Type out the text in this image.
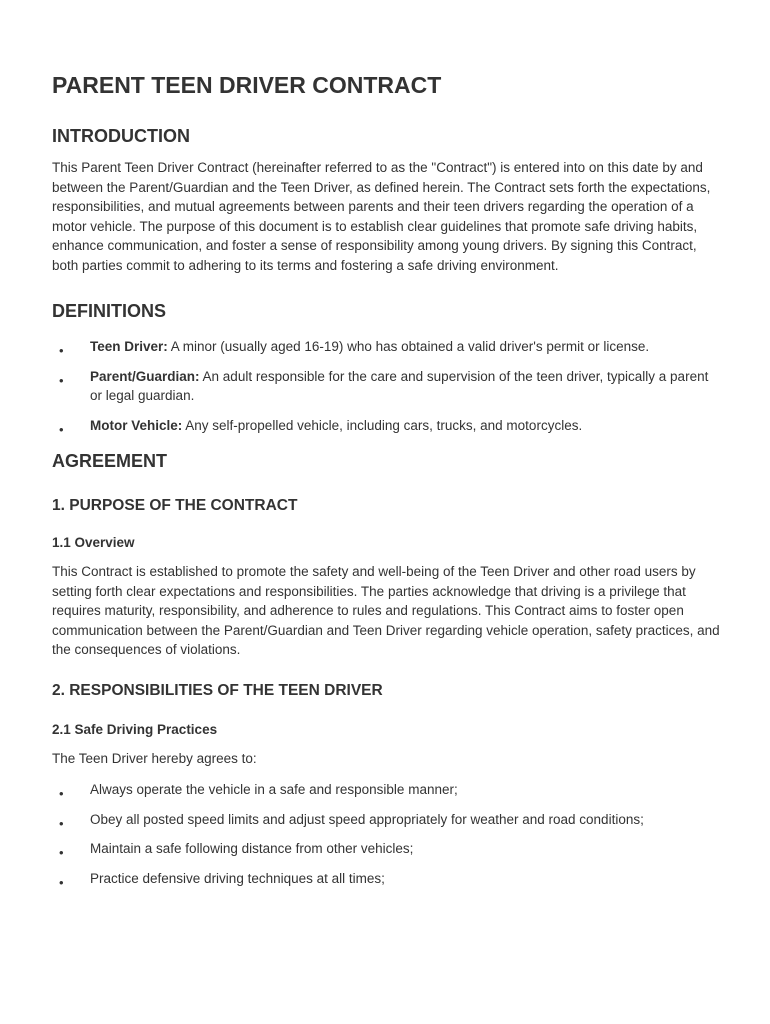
PARENT TEEN DRIVER CONTRACT
INTRODUCTION

This Parent Teen Driver Contract (hereinafter referred to as the "Contract") is entered into on this date by and between the Parent/Guardian and the Teen Driver, as defined herein. The Contract sets forth the expectations, responsibilities, and mutual agreements between parents and their teen drivers regarding the operation of a motor vehicle. The purpose of this document is to establish clear guidelines that promote safe driving habits, enhance communication, and foster a sense of responsibility among young drivers. By signing this Contract, both parties commit to adhering to its terms and fostering a safe driving environment.

DEFINITIONS
• Teen Driver: A minor (usually aged 16-19) who has obtained a valid driver's permit or license.
• Parent/Guardian: An adult responsible for the care and supervision of the teen driver, typically a parent or legal guardian.
• Motor Vehicle: Any self-propelled vehicle, including cars, trucks, and motorcycles.
AGREEMENT
1. PURPOSE OF THE CONTRACT
1.1 Overview

This Contract is established to promote the safety and well-being of the Teen Driver and other road users by setting forth clear expectations and responsibilities. The parties acknowledge that driving is a privilege that requires maturity, responsibility, and adherence to rules and regulations. This Contract aims to foster open communication between the Parent/Guardian and Teen Driver regarding vehicle operation, safety practices, and the consequences of violations.

2. RESPONSIBILITIES OF THE TEEN DRIVER
2.1 Safe Driving Practices

The Teen Driver hereby agrees to:

• Always operate the vehicle in a safe and responsible manner;
• Obey all posted speed limits and adjust speed appropriately for weather and road conditions;
• Maintain a safe following distance from other vehicles;
• Practice defensive driving techniques at all times;
